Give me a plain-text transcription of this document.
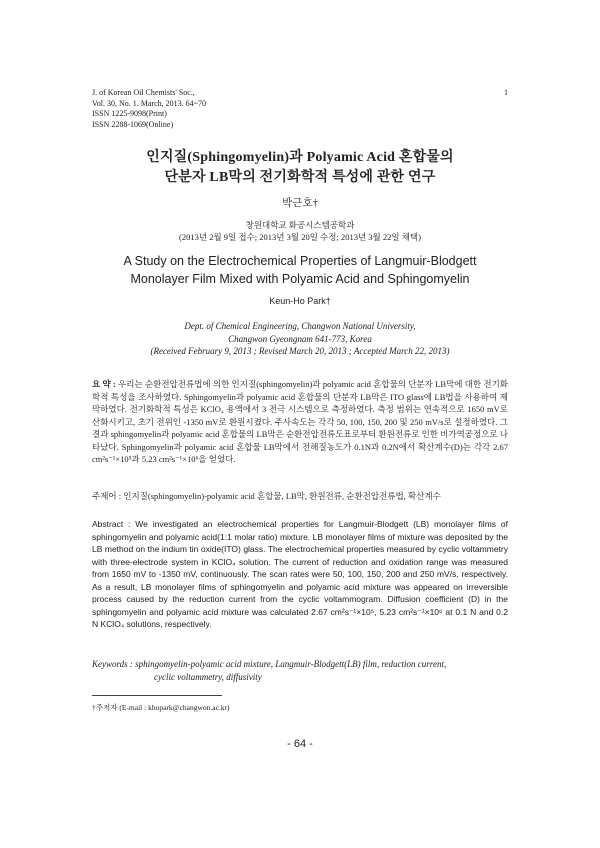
J. of Korean Oil Chemists' Soc.,
Vol. 30, No. 1. March, 2013. 64~70
ISSN 1225-9098(Print)
ISSN 2288-1069(Online)
1
인지질(Sphingomyelin)과 Polyamic Acid 혼합물의
단분자 LB막의 전기화학적 특성에 관한 연구
박근호†
창원대학교 화공시스템공학과
(2013년 2월 9일 접수; 2013년 3월 20일 수정; 2013년 3월 22일 채택)
A Study on the Electrochemical Properties of Langmuir-Blodgett
Monolayer Film Mixed with Polyamic Acid and Sphingomyelin
Keun-Ho Park†
Dept. of Chemical Engineering, Changwon National University,
Changwon Gyeongnam 641-773, Korea
(Received February 9, 2013 ; Revised March 20, 2013 ; Accepted March 22, 2013)
요 약 : 우리는 순환전압전류법에 의한 인지질(sphingomyelin)과 polyamic acid 혼합물의 단분자 LB막에 대한 전기화학적 특성을 조사하였다. Sphingomyelin과 polyamic acid 혼합물의 단분자 LB막은 ITO glass에 LB법을 사용하여 제막하였다. 전기화학적 특성은 KClO₄ 용액에서 3 전극 시스템으로 측정하였다. 측정 범위는 연속적으로 1650 mV로 산화시키고, 초기 전위인 -1350 mV로 환원시켰다. 주사속도는 각각 50, 100, 150, 200 및 250 mV/s로 설정하였다. 그 결과 sphingomyelin과 polyamic acid 혼합물의 LB막은 순환전압전류도표로부터 환원전류로 인한 비가역공정으로 나타났다. Sphingomyelin과 polyamic acid 혼합물 LB막에서 전해질농도가 0.1N과 0.2N에서 확산계수(D)는 각각 2.67 cm²s⁻¹×10⁵과 5.23 cm²s⁻¹×10⁶을 얻었다.
주제어 : 인지질(sphingomyelin)-polyamic acid 혼합물, LB막, 환원전류, 순환전압전류법, 확산계수
Abstract : We investigated an electrochemical properties for Langmuir-Blodgett (LB) monolayer films of sphingomyelin and polyamic acid(1:1 molar ratio) mixture. LB monolayer films of mixture was deposited by the LB method on the indium tin oxide(ITO) glass. The electrochemical properties measured by cyclic voltammetry with three-electrode system in KClO₄ solution. The current of reduction and oxidation range was measured from 1650 mV to -1350 mV, continuously. The scan rates were 50, 100, 150, 200 and 250 mV/s, respectively. As a result, LB monolayer films of sphingomyelin and polyamic acid mixture was appeared on irreversible process caused by the reduction current from the cyclic voltammogram. Diffusion coefficient (D) in the sphingomyelin and polyamic acid mixture was calculated 2.67 cm²s⁻¹×10⁵, 5.23 cm²s⁻¹×10⁶ at 0.1 N and 0.2 N KClO₄ solutions, respectively.
Keywords : sphingomyelin-polyamic acid mixture, Langmuir-Blodgett(LB) film, reduction current,
cyclic voltammetry, diffusivity
†주저자 (E-mail : khopark@changwon.ac.kr)
- 64 -
